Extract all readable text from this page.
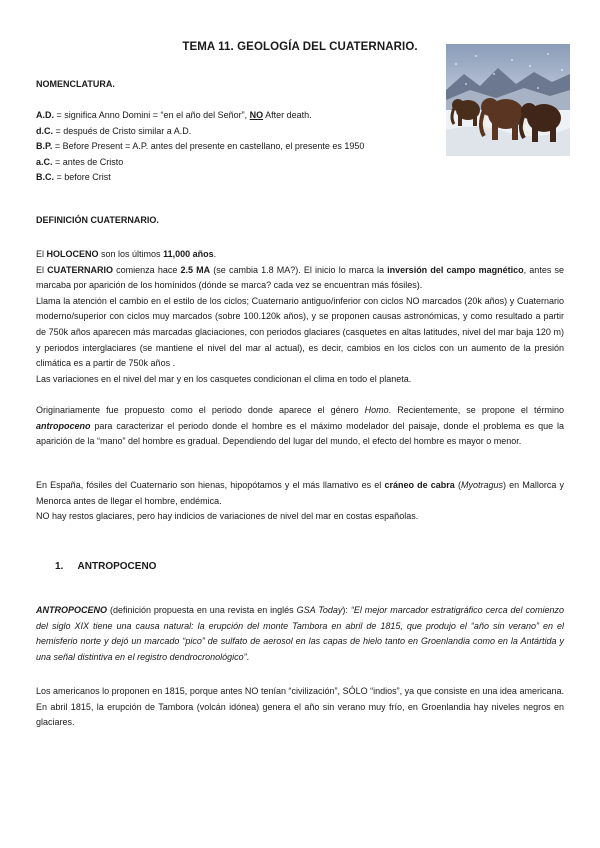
TEMA 11. GEOLOGÍA DEL CUATERNARIO.
NOMENCLATURA.
A.D. = significa Anno Domini = “en el año del Señor”, NO After death.
d.C. = después de Cristo similar a A.D.
B.P. = Before Present = A.P. antes del presente en castellano, el presente es 1950
a.C. = antes de Cristo
B.C. = before Crist
DEFINICIÓN CUATERNARIO.
El HOLOCENO son los últimos 11,000 años.
El CUATERNARIO comienza hace 2.5 MA (se cambia 1.8 MA?). El inicio lo marca la inversión del campo magnético, antes se marcaba por aparición de los homínidos (dónde se marca? cada vez se encuentran más fósiles).
Llama la atención el cambio en el estilo de los ciclos; Cuaternario antiguo/inferior con ciclos NO marcados (20k años) y Cuaternario moderno/superior con ciclos muy marcados (sobre 100.120k años), y se proponen causas astronómicas, y como resultado a partir de 750k años aparecen más marcadas glaciaciones, con periodos glaciares (casquetes en altas latitudes, nivel del mar baja 120 m) y periodos interglaciares (se mantiene el nivel del mar al actual), es decir, cambios en los ciclos con un aumento de la presión climática es a partir de 750k años .
Las variaciones en el nivel del mar y en los casquetes condicionan el clima en todo el planeta.
Originariamente fue propuesto como el periodo donde aparece el género Homo. Recientemente, se propone el término antropoceno para caracterizar el periodo donde el hombre es el máximo modelador del paisaje, donde el problema es que la aparición de la “mano” del hombre es gradual. Dependiendo del lugar del mundo, el efecto del hombre es mayor o menor.
En España, fósiles del Cuaternario son hienas, hipopótamos y el más llamativo es el cráneo de cabra (Myotragus) en Mallorca y Menorca antes de llegar el hombre, endémica.
NO hay restos glaciares, pero hay indicios de variaciones de nivel del mar en costas españolas.
1. ANTROPOCENO
ANTROPOCENO (definición propuesta en una revista en inglés GSA Today): “El mejor marcador estratigráfico cerca del comienzo del siglo XIX tiene una causa natural: la erupción del monte Tambora en abril de 1815, que produjo el “año sin verano” en el hemisferio norte y dejó un marcado “pico” de sulfato de aerosol en las capas de hielo tanto en Groenlandia como en la Antártida y una señal distintiva en el registro dendrocronológico”.
Los americanos lo proponen en 1815, porque antes NO tenían “civilización”, SÓLO “indios”, ya que consiste en una idea americana. En abril 1815, la erupción de Tambora (volcán idónea) genera el año sin verano muy frío, en Groenlandia hay niveles negros en glaciares.
